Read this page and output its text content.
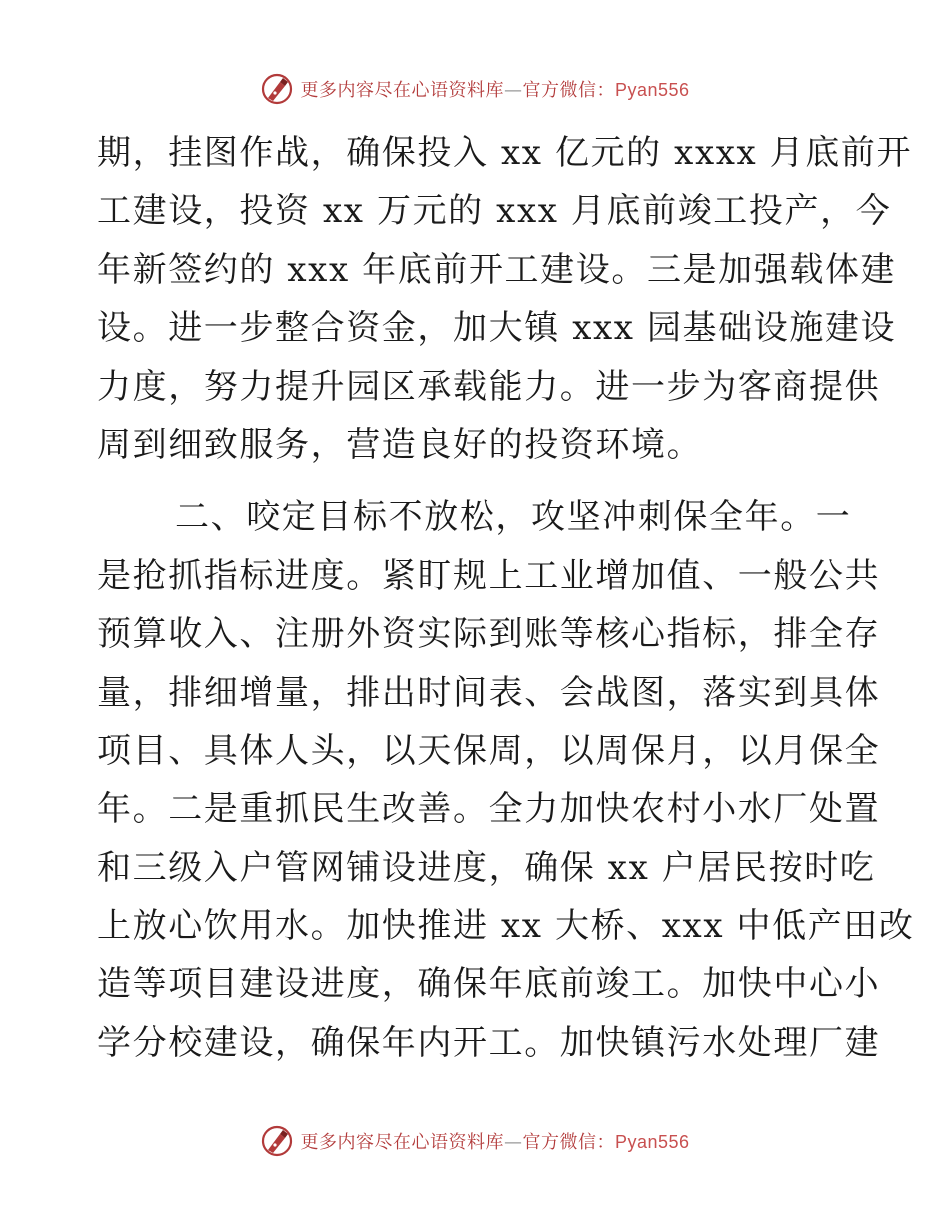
更多内容尽在心语资料库—官方微信：Pyan556
期，挂图作战，确保投入 xx 亿元的 xxxx 月底前开
工建设，投资 xx 万元的 xxx 月底前竣工投产，今
年新签约的 xxx 年底前开工建设。三是加强载体建
设。进一步整合资金，加大镇 xxx 园基础设施建设
力度，努力提升园区承载能力。进一步为客商提供
周到细致服务，营造良好的投资环境。
二、咬定目标不放松，攻坚冲刺保全年。一
是抢抓指标进度。紧盯规上工业增加值、一般公共
预算收入、注册外资实际到账等核心指标，排全存
量，排细增量，排出时间表、会战图，落实到具体
项目、具体人头，以天保周，以周保月，以月保全
年。二是重抓民生改善。全力加快农村小水厂处置
和三级入户管网铺设进度，确保 xx 户居民按时吃
上放心饮用水。加快推进 xx 大桥、xxx 中低产田改
造等项目建设进度，确保年底前竣工。加快中心小
学分校建设，确保年内开工。加快镇污水处理厂建
更多内容尽在心语资料库—官方微信：Pyan556
